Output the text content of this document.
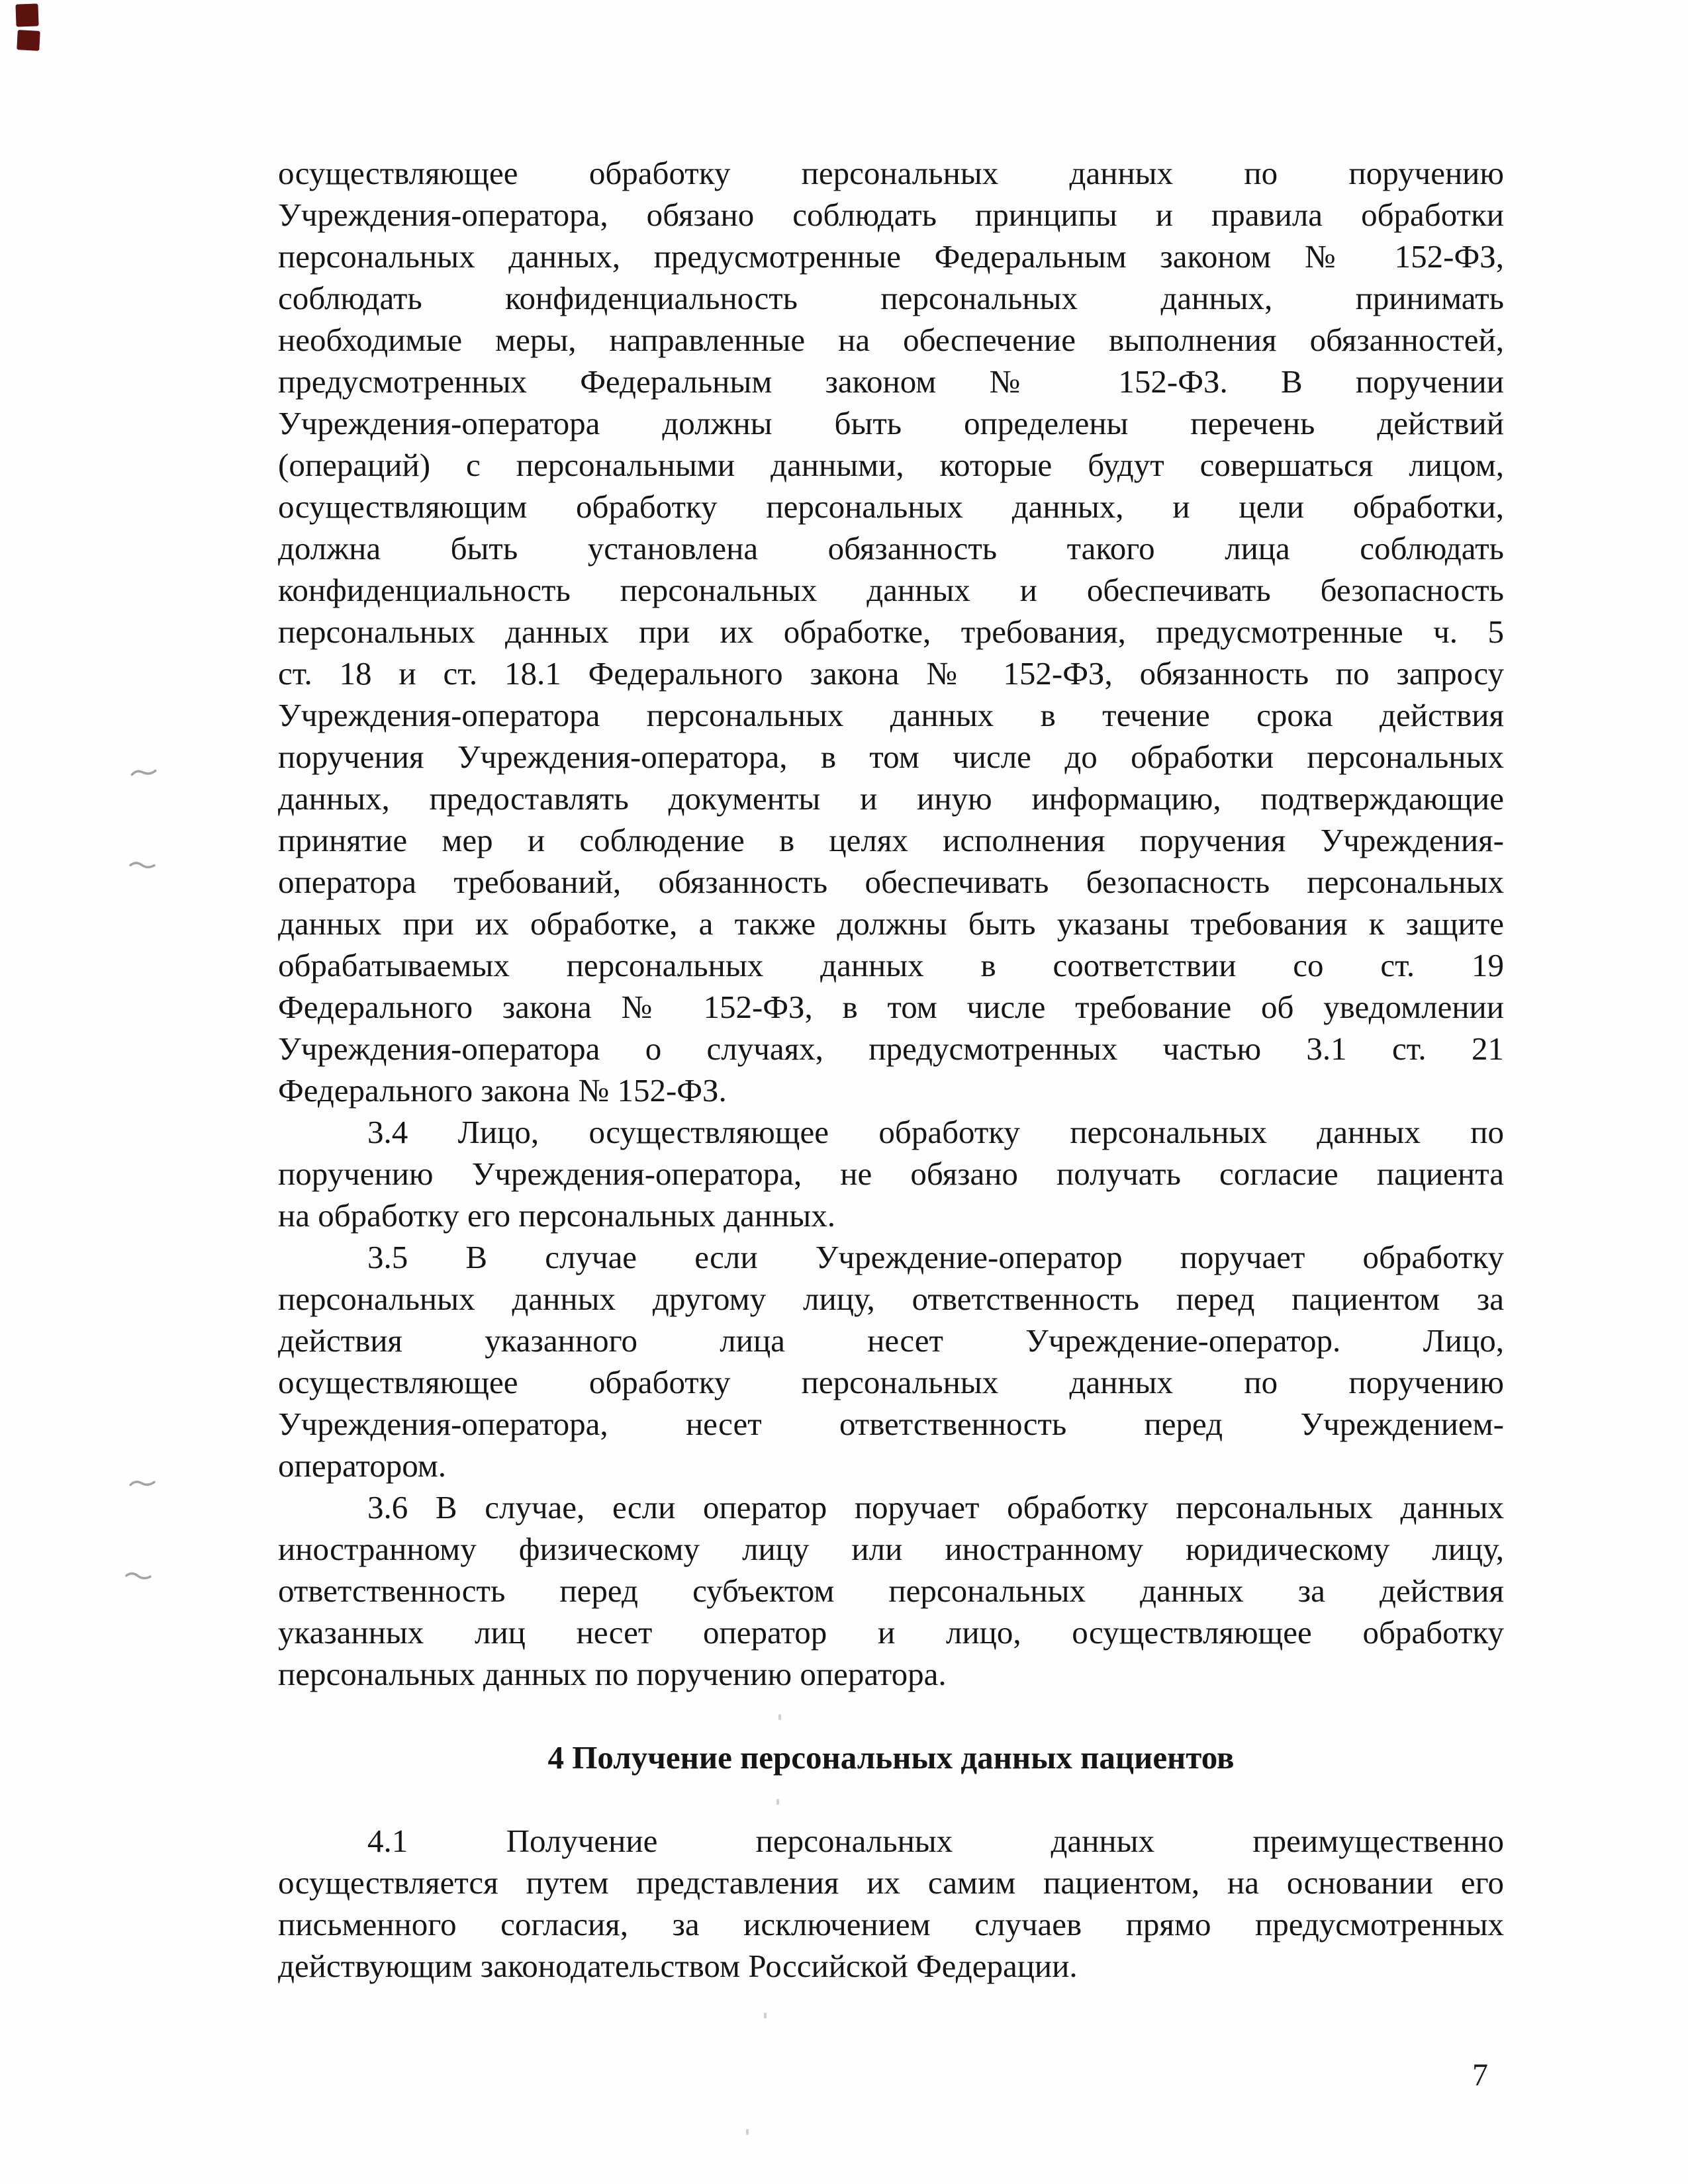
осуществляющее обработку персональных данных по поручению
Учреждения-оператора, обязано соблюдать принципы и правила обработки
персональных данных, предусмотренные Федеральным законом № 152-ФЗ,
соблюдать конфиденциальность персональных данных, принимать
необходимые меры, направленные на обеспечение выполнения обязанностей,
предусмотренных Федеральным законом № 152-ФЗ. В поручении
Учреждения-оператора должны быть определены перечень действий
(операций) с персональными данными, которые будут совершаться лицом,
осуществляющим обработку персональных данных, и цели обработки,
должна быть установлена обязанность такого лица соблюдать
конфиденциальность персональных данных и обеспечивать безопасность
персональных данных при их обработке, требования, предусмотренные ч. 5
ст. 18 и ст. 18.1 Федерального закона № 152-ФЗ, обязанность по запросу
Учреждения-оператора персональных данных в течение срока действия
поручения Учреждения-оператора, в том числе до обработки персональных
данных, предоставлять документы и иную информацию, подтверждающие
принятие мер и соблюдение в целях исполнения поручения Учреждения-
оператора требований, обязанность обеспечивать безопасность персональных
данных при их обработке, а также должны быть указаны требования к защите
обрабатываемых персональных данных в соответствии со ст. 19
Федерального закона № 152-ФЗ, в том числе требование об уведомлении
Учреждения-оператора о случаях, предусмотренных частью 3.1 ст. 21
Федерального закона № 152-ФЗ.
3.4 Лицо, осуществляющее обработку персональных данных по
поручению Учреждения-оператора, не обязано получать согласие пациента
на обработку его персональных данных.
3.5 В случае если Учреждение-оператор поручает обработку
персональных данных другому лицу, ответственность перед пациентом за
действия указанного лица несет Учреждение-оператор. Лицо,
осуществляющее обработку персональных данных по поручению
Учреждения-оператора, несет ответственность перед Учреждением-
оператором.
3.6 В случае, если оператор поручает обработку персональных данных
иностранному физическому лицу или иностранному юридическому лицу,
ответственность перед субъектом персональных данных за действия
указанных лиц несет оператор и лицо, осуществляющее обработку
персональных данных по поручению оператора.
4 Получение персональных данных пациентов
4.1 Получение персональных данных преимущественно
осуществляется путем представления их самим пациентом, на основании его
письменного согласия, за исключением случаев прямо предусмотренных
действующим законодательством Российской Федерации.
7
